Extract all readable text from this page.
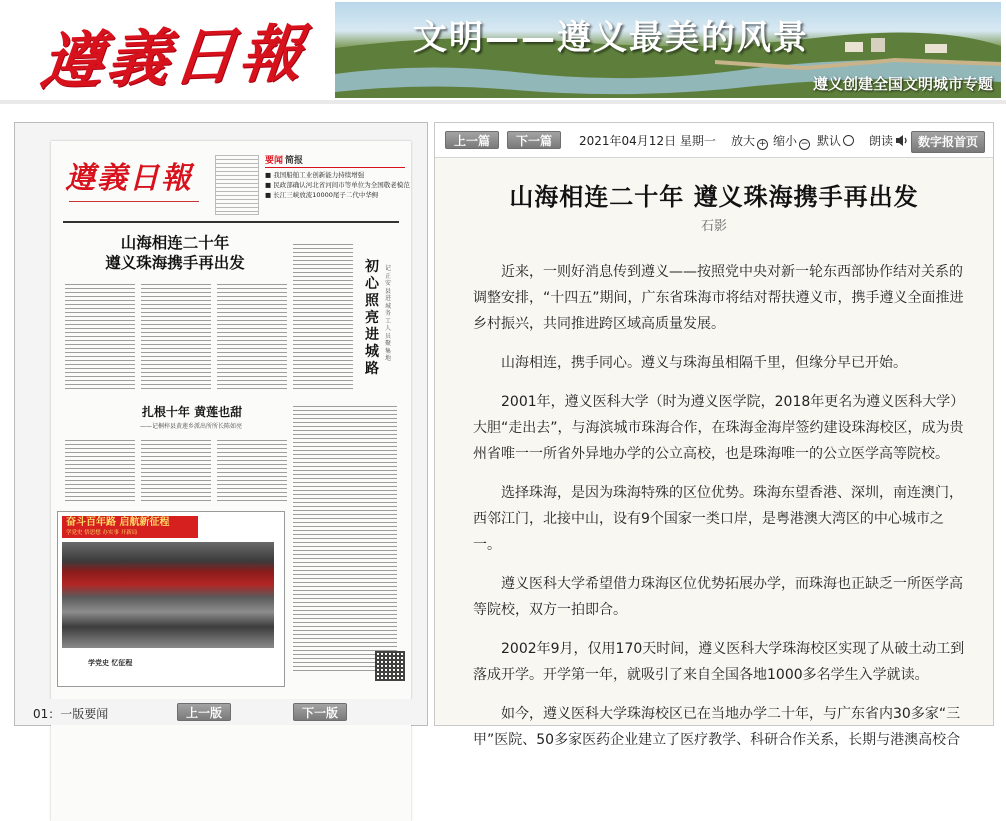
遵義日報	文明——遵义最美的风景
遵义创建全国文明城市专题
遵義日報	要闻 简报
■ 我国船舶工业创新能力持续增强
■ 民政部确认河北省河间市等单位为全国敬老模范
■ 长江三峡放流10000尾子二代中华鲟
山海相连二十年
遵义珠海携手再出发	初心照亮进城路
记正安县进城务工人员聚集地
扎根十年 黄莲也甜
——记桐梓县黄莲乡派出所所长陈如亮
奋斗百年路 启航新征程
学党史 悟思想 办实事 开新局
学党史 忆征程
01：一版要闻	上一版	下一版
上一篇	下一篇	2021年04月12日 星期一 放大 + 缩小 − 默认	朗读	数字报首页
山海相连二十年 遵义珠海携手再出发
石影

近来，一则好消息传到遵义——按照党中央对新一轮东西部协作结对关系的调整安排，“十四五”期间，广东省珠海市将结对帮扶遵义市，携手遵义全面推进乡村振兴，共同推进跨区域高质量发展。

山海相连，携手同心。遵义与珠海虽相隔千里，但缘分早已开始。

2001年，遵义医科大学（时为遵义医学院，2018年更名为遵义医科大学）大胆“走出去”，与海滨城市珠海合作，在珠海金海岸签约建设珠海校区，成为贵州省唯一一所省外异地办学的公立高校，也是珠海唯一的公立医学高等院校。

选择珠海，是因为珠海特殊的区位优势。珠海东望香港、深圳，南连澳门，西邻江门，北接中山，设有9个国家一类口岸，是粤港澳大湾区的中心城市之一。

遵义医科大学希望借力珠海区位优势拓展办学，而珠海也正缺乏一所医学高等院校，双方一拍即合。

2002年9月，仅用170天时间，遵义医科大学珠海校区实现了从破土动工到落成开学。开学第一年，就吸引了来自全国各地1000多名学生入学就读。

如今，遵义医科大学珠海校区已在当地办学二十年，与广东省内30多家“三甲”医院、50多家医药企业建立了医疗教学、科研合作关系，长期与港澳高校合
